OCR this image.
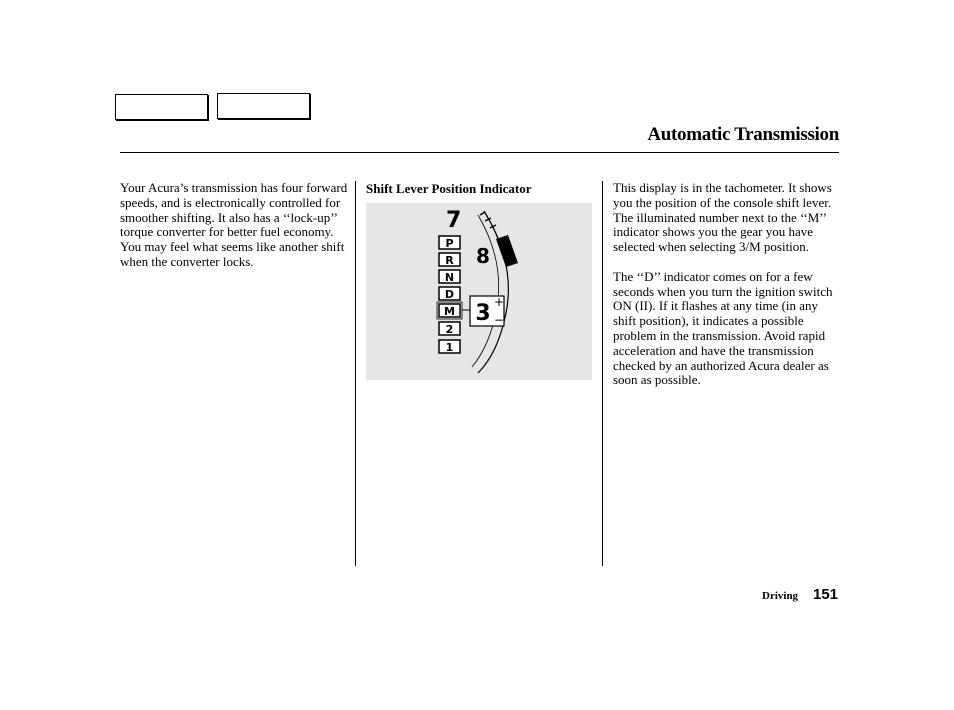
Automatic Transmission

Your Acura’s transmission has four forward speeds, and is electronically controlled for smoother shifting. It also has a ‘‘lock-up’’ torque converter for better fuel economy. You may feel what seems like another shift when the converter locks.

Shift Lever Position Indicator
7
8
P
R
N
D
M
2
1
3 +
−

This display is in the tachometer. It shows you the position of the console shift lever. The illuminated number next to the ‘‘M’’ indicator shows you the gear you have selected when selecting 3/M position.

The ‘‘D’’ indicator comes on for a few seconds when you turn the ignition switch ON (II). If it flashes at any time (in any shift position), it indicates a possible problem in the transmission. Avoid rapid acceleration and have the transmission checked by an authorized Acura dealer as soon as possible.

Driving 151
